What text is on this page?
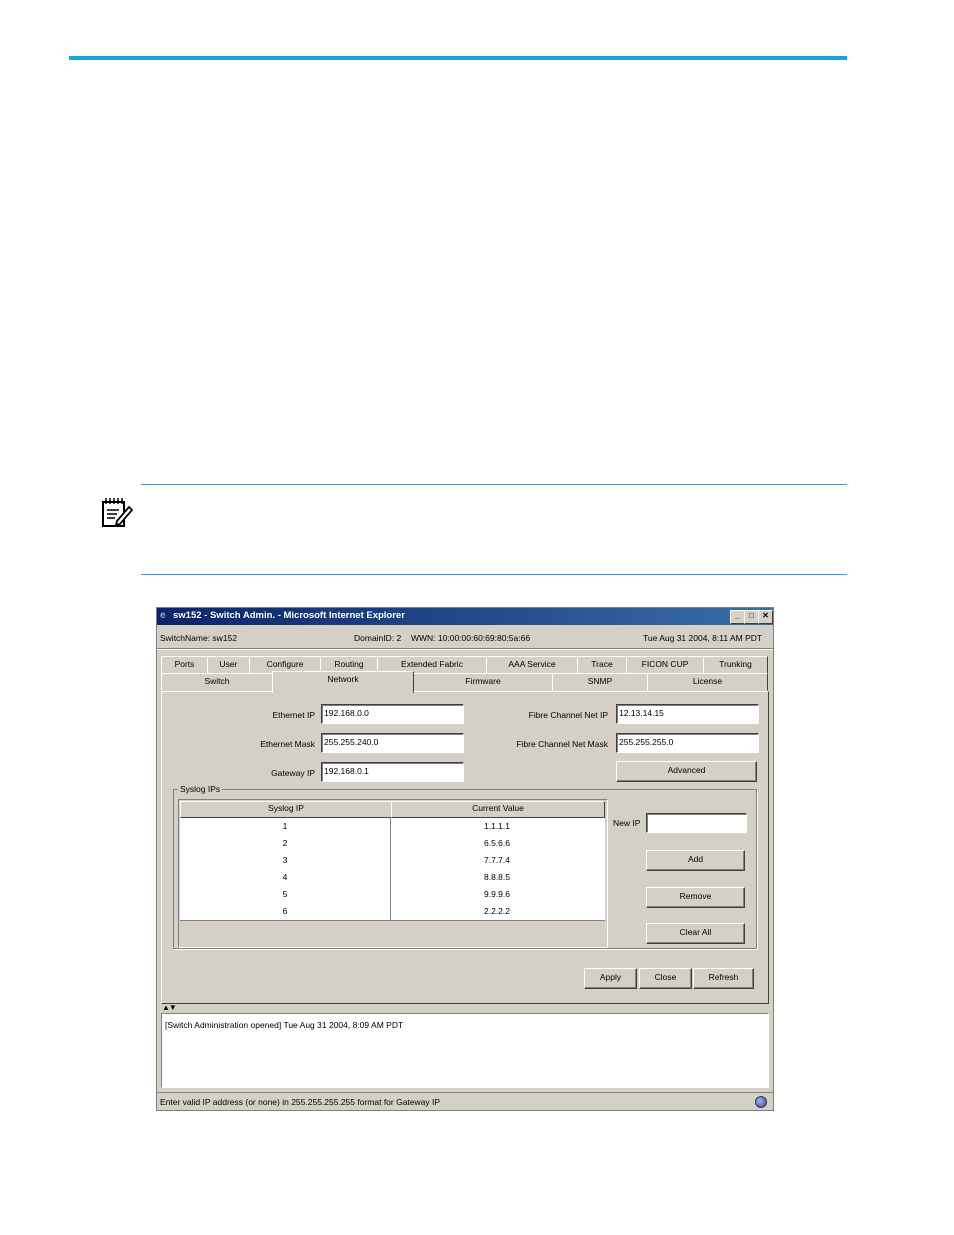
e sw152 - Switch Admin. - Microsoft Internet Explorer	_	□	✕
SwitchName: sw152	DomainID: 2 WWN: 10:00:00:60:69:80:5a:66	Tue Aug 31 2004, 8:11 AM PDT
Ports	User	Configure	Routing	Extended Fabric	AAA Service	Trace	FICON CUP	Trunking
Switch	Network	Firmware	SNMP	License
Ethernet IP	192.168.0.0
Ethernet Mask	255.255.240.0
Gateway IP	192.168.0.1
Fibre Channel Net IP	12.13.14.15
Fibre Channel Net Mask	255.255.255.0
Advanced
Syslog IPs
Syslog IP	Current Value
1	1.1.1.1
2	6.5.6.6
3	7.7.7.4
4	8.8.8.5
5	9.9.9.6
6	2.2.2.2
New IP
Add
Remove
Clear All
Apply	Close	Refresh
▲▼
[Switch Administration opened] Tue Aug 31 2004, 8:09 AM PDT
Enter valid IP address (or none) in 255.255.255.255 format for Gateway IP
